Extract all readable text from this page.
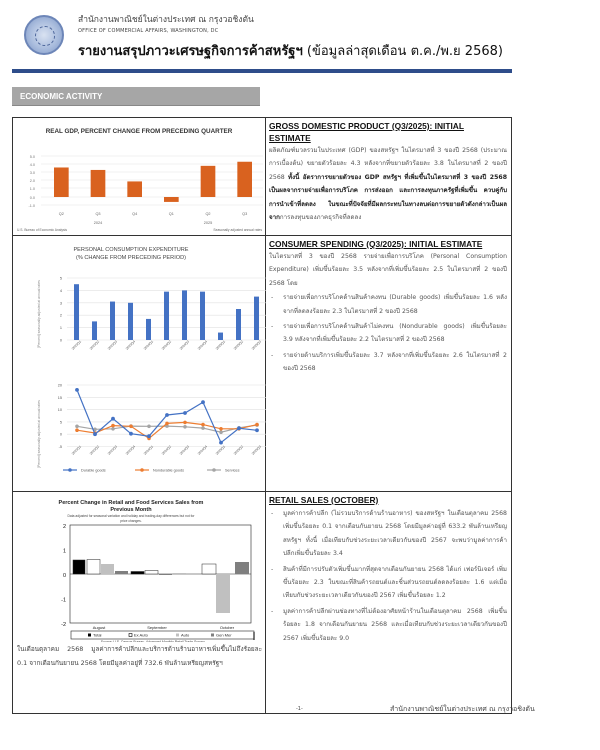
สำนักงานพาณิชย์ในต่างประเทศ ณ กรุงวอชิงตัน
OFFICE OF COMMERCIAL AFFAIRS, WASHINGTON, DC
รายงานสรุปภาวะเศรษฐกิจการค้าสหรัฐฯ (ข้อมูลล่าสุดเดือน ต.ค./พ.ย 2568)
ECONOMIC ACTIVITY
REAL GDP, PERCENT CHANGE FROM PRECEDING QUARTER
5.0
4.0
3.0
2.0
1.0
0.0
-1.0
Q2	Q3	Q4	Q1	Q2
2024	2025
Q3
U.S. Bureau of Economic Analysis	Seasonally adjusted annual rates
GROSS DOMESTIC PRODUCT (Q3/2025): INITIAL ESTIMATE
ผลิตภัณฑ์มวลรวมในประเทศ (GDP) ของสหรัฐฯ ในไตรมาสที่ 3 ของปี 2568 (ประมาณการเบื้องต้น) ขยายตัวร้อยละ 4.3 หลังจากที่ขยายตัวร้อยละ 3.8 ในไตรมาสที่ 2 ของปี 2568 ทั้งนี้ อัตราการขยายตัวของ GDP สหรัฐฯ ที่เพิ่มขึ้นในไตรมาสที่ 3 ของปี 2568 เป็นผลจากรายจ่ายเพื่อการบริโภค การส่งออก และการลงทุนภาครัฐที่เพิ่มขึ้น ควบคู่กับการนำเข้าที่ลดลง ในขณะที่ปัจจัยที่มีผลกระทบในทางลบต่อการขยายตัวดังกล่าวเป็นผลจากการลงทุนของภาคธุรกิจที่ลดลง
PERSONAL CONSUMPTION EXPENDITURE
(% CHANGE FROM PRECEDING PERIOD)
[Percent] seasonally adjusted at annual rates
5
4
3
2
1
0	2023Q1 2023Q2 2023Q3 2023Q4 2024Q1 2024Q2 2024Q3 2024Q4 2025Q1 2025Q2 2025Q3
[Percent] seasonally adjusted at annual rates
20
15
10
5
0
-5	2023Q1 2023Q2 2023Q3 2023Q4 2024Q1 2024Q2 2024Q3 2024Q4 2025Q1 2025Q2 2025Q3
Durable goods	Nondurable goods	Services
CONSUMER SPENDING (Q3/2025): INITIAL ESTIMATE
ในไตรมาสที่ 3 ของปี 2568 รายจ่ายเพื่อการบริโภค (Personal Consumption Expenditure) เพิ่มขึ้นร้อยละ 3.5 หลังจากที่เพิ่มขึ้นร้อยละ 2.5 ในไตรมาสที่ 2 ของปี 2568 โดย
- รายจ่ายเพื่อการบริโภคด้านสินค้าคงทน (Durable goods) เพิ่มขึ้นร้อยละ 1.6 หลังจากที่ลดลงร้อยละ 2.3 ในไตรมาสที่ 2 ของปี 2568
- รายจ่ายเพื่อการบริโภคด้านสินค้าไม่คงทน (Nondurable goods) เพิ่มขึ้นร้อยละ 3.9 หลังจากที่เพิ่มขึ้นร้อยละ 2.2 ในไตรมาสที่ 2 ของปี 2568
- รายจ่ายด้านบริการเพิ่มขึ้นร้อยละ 3.7 หลังจากที่เพิ่มขึ้นร้อยละ 2.6 ในไตรมาสที่ 2 ของปี 2568
Percent Change in Retail and Food Services Sales from
Previous Month
Data adjusted for seasonal variation and holiday and trading-day differences but not for
price changes.
2
1
0
-1
-2	August	September	October
Total	Ex Auto	Auto	Gen Mer
Source: U.S. Census Bureau, Advanced Monthly Retail Trade Survey,
ในเดือนตุลาคม 2568 มูลค่าการค้าปลีกและบริการด้านร้านอาหารเพิ่มขึ้นไม่ถึงร้อยละ 0.1 จากเดือนกันยายน 2568 โดยมีมูลค่าอยู่ที่ 732.6 พันล้านเหรียญสหรัฐฯ
RETAIL SALES (OCTOBER)
- มูลค่าการค้าปลีก (ไม่รวมบริการด้านร้านอาหาร) ของสหรัฐฯ ในเดือนตุลาคม 2568 เพิ่มขึ้นร้อยละ 0.1 จากเดือนกันยายน 2568 โดยมีมูลค่าอยู่ที่ 633.2 พันล้านเหรียญสหรัฐฯ ทั้งนี้ เมื่อเทียบกับช่วงระยะเวลาเดียวกันของปี 2567 จะพบว่ามูลค่าการค้าปลีกเพิ่มขึ้นร้อยละ 3.4
- สินค้าที่มีการปรับตัวเพิ่มขึ้นมากที่สุดจากเดือนกันยายน 2568 ได้แก่ เฟอร์นิเจอร์ เพิ่มขึ้นร้อยละ 2.3 ในขณะที่สินค้ารถยนต์และชิ้นส่วนรถยนต์ลดลงร้อยละ 1.6 แต่เมื่อเทียบกับช่วงระยะเวลาเดียวกันของปี 2567 เพิ่มขึ้นร้อยละ 1.2
- มูลค่าการค้าปลีกผ่านช่องทางที่ไม่ต้องอาศัยหน้าร้านในเดือนตุลาคม 2568 เพิ่มขึ้นร้อยละ 1.8 จากเดือนกันยายน 2568 และเมื่อเทียบกับช่วงระยะเวลาเดียวกันของปี 2567 เพิ่มขึ้นร้อยละ 9.0
-1-	สำนักงานพาณิชย์ในต่างประเทศ ณ กรุงวอชิงตัน
